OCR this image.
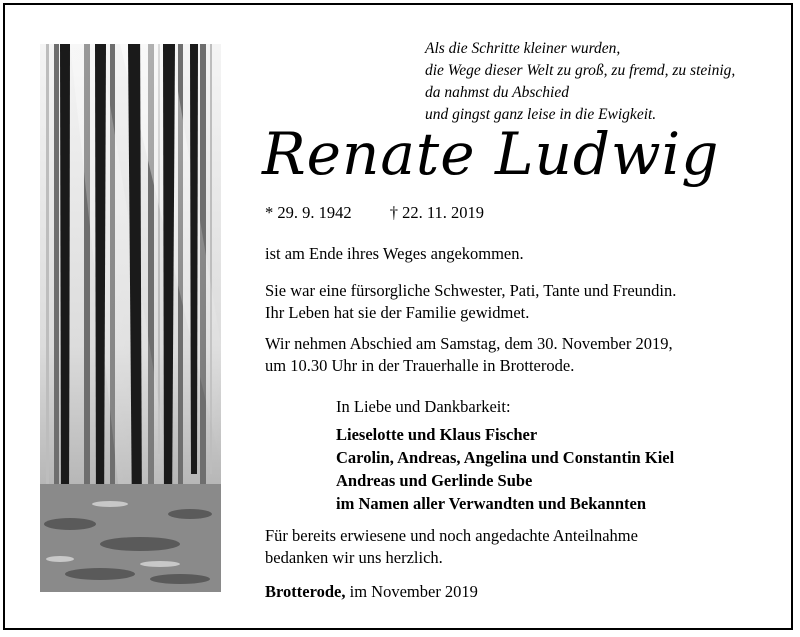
Als die Schritte kleiner wurden,
die Wege dieser Welt zu groß, zu fremd, zu steinig,
da nahmst du Abschied
und gingst ganz leise in die Ewigkeit.
Renate Ludwig
* 29. 9. 1942 † 22. 11. 2019
ist am Ende ihres Weges angekommen.
Sie war eine fürsorgliche Schwester, Pati, Tante und Freundin.
Ihr Leben hat sie der Familie gewidmet.
Wir nehmen Abschied am Samstag, dem 30. November 2019,
um 10.30 Uhr in der Trauerhalle in Brotterode.
In Liebe und Dankbarkeit:
Lieselotte und Klaus Fischer
Carolin, Andreas, Angelina und Constantin Kiel
Andreas und Gerlinde Sube
im Namen aller Verwandten und Bekannten
Für bereits erwiesene und noch angedachte Anteilnahme
bedanken wir uns herzlich.
Brotterode, im November 2019
